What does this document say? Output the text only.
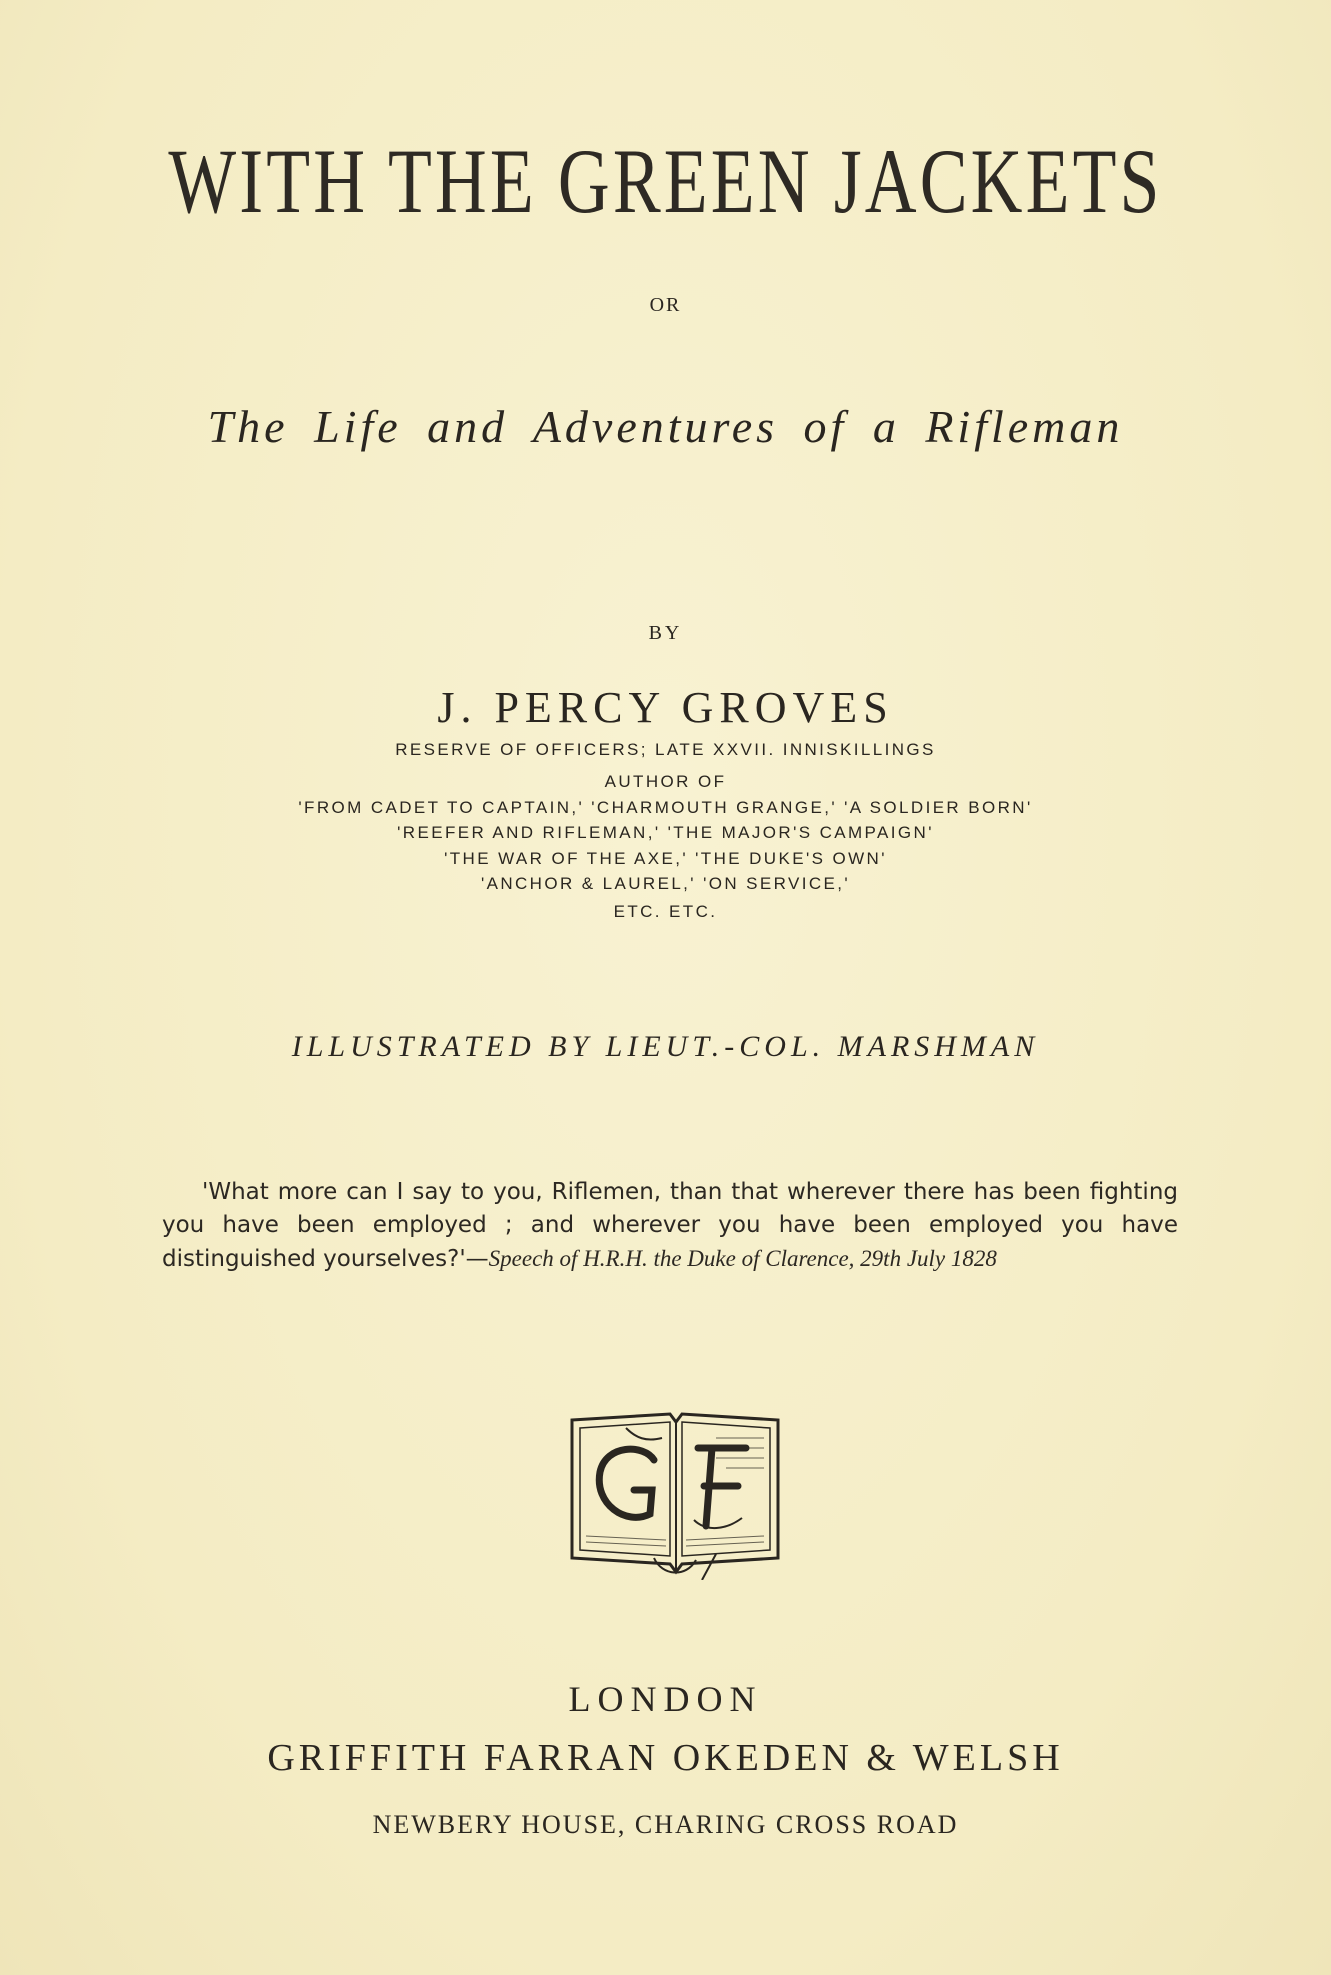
WITH THE GREEN JACKETS
OR
The Life and Adventures of a Rifleman
BY
J. PERCY GROVES
RESERVE OF OFFICERS; LATE XXVII. INNISKILLINGS
AUTHOR OF
'FROM CADET TO CAPTAIN,' 'CHARMOUTH GRANGE,' 'A SOLDIER BORN'
'REEFER AND RIFLEMAN,' 'THE MAJOR'S CAMPAIGN'
'THE WAR OF THE AXE,' 'THE DUKE'S OWN'
'ANCHOR & LAUREL,' 'ON SERVICE,'
ETC. ETC.
ILLUSTRATED BY LIEUT.-COL. MARSHMAN
'What more can I say to you, Riflemen, than that wherever there has been fighting you have been employed ; and wherever you have been employed you have distinguished yourselves?'—Speech of H.R.H. the Duke of Clarence, 29th July 1828
LONDON
GRIFFITH FARRAN OKEDEN & WELSH
NEWBERY HOUSE, CHARING CROSS ROAD
